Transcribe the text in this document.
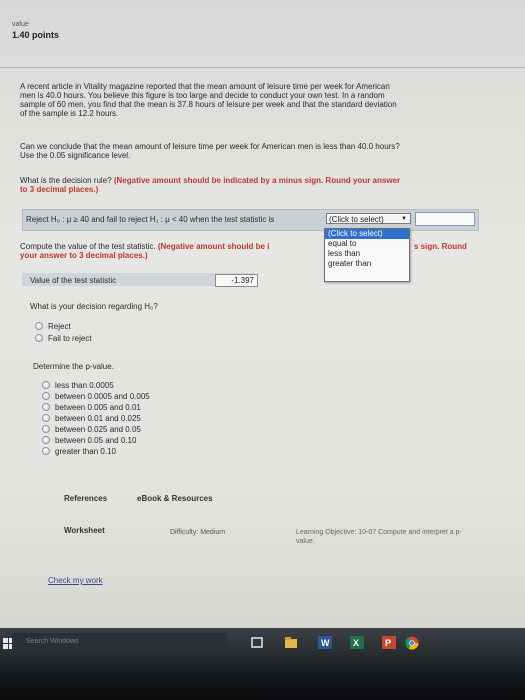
value
1.40 points
A recent article in Vitality magazine reported that the mean amount of leisure time per week for American
men is 40.0 hours. You believe this figure is too large and decide to conduct your own test. In a random
sample of 60 men, you find that the mean is 37.8 hours of leisure per week and that the standard deviation
of the sample is 12.2 hours.
Can we conclude that the mean amount of leisure time per week for American men is less than 40.0 hours?
Use the 0.05 significance level.
What is the decision rule? (Negative amount should be indicated by a minus sign. Round your answer
to 3 decimal places.)
Reject H₀ : μ ≥ 40 and fail to reject H₁ : μ < 40 when the test statistic is	(Click to select)	▼
Compute the value of the test statistic. (Negative amount should be i	s sign. Round
your answer to 3 decimal places.)
(Click to select)
equal to
less than
greater than
Value of the test statistic	-1.397
What is your decision regarding H₀?
Reject
Fail to reject
Determine the p-value.
less than 0.0005
between 0.0005 and 0.005
between 0.005 and 0.01
between 0.01 and 0.025
between 0.025 and 0.05
between 0.05 and 0.10
greater than 0.10
References	eBook & Resources
Worksheet	Difficulty: Medium	Learning Objective: 10-07 Compute and interpret a p-
value.
Check my work
Search Windows	W	X	P
